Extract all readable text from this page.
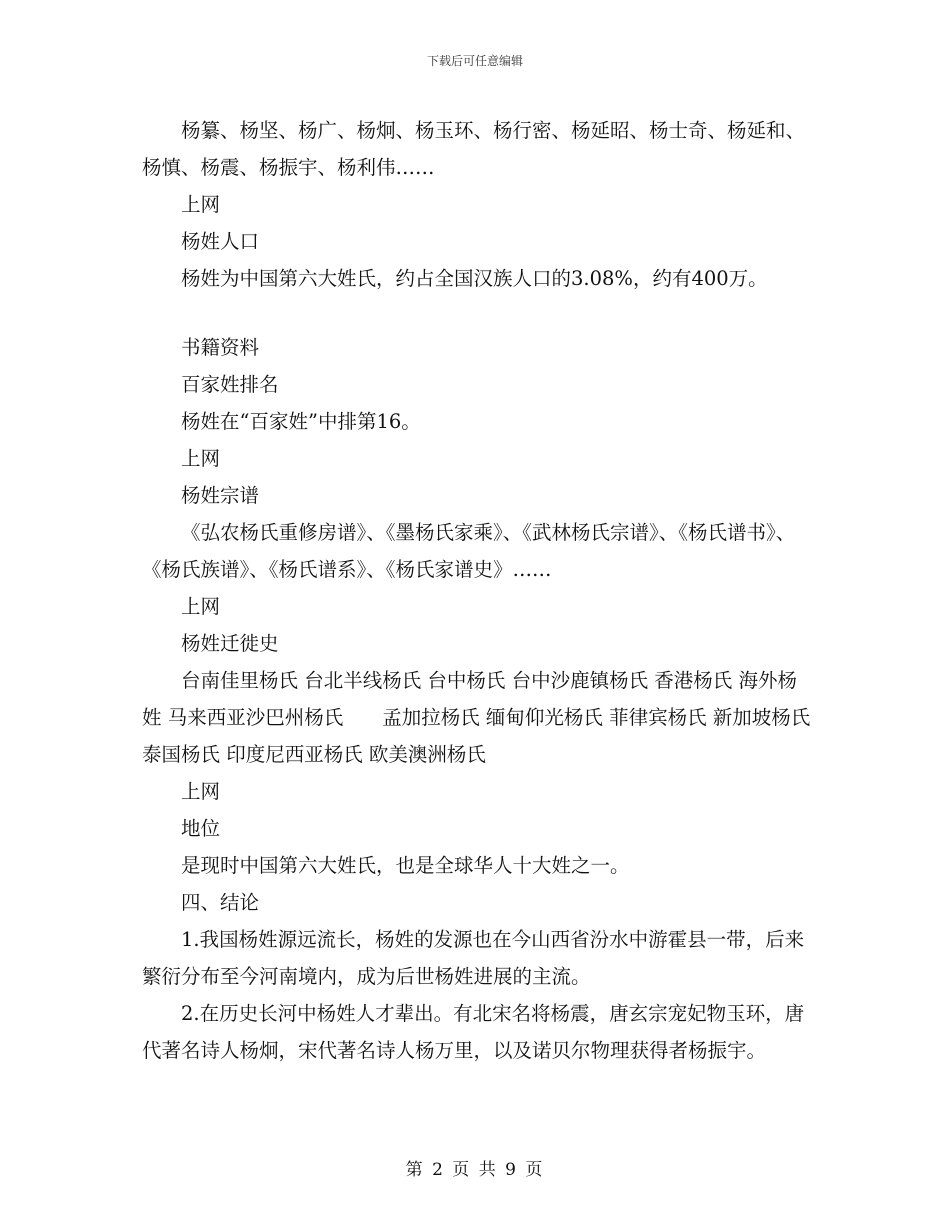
下载后可任意编辑

杨纂、杨坚、杨广、杨炯、杨玉环、杨行密、杨延昭、杨士奇、杨延和、杨慎、杨震、杨振宇、杨利伟……

上网

杨姓人口

杨姓为中国第六大姓氏，约占全国汉族人口的3.08%，约有400万。

书籍资料

百家姓排名

杨姓在“百家姓”中排第16。

上网

杨姓宗谱

《弘农杨氏重修房谱》、《墨杨氏家乘》、《武林杨氏宗谱》、《杨氏谱书》、《杨氏族谱》、《杨氏谱系》、《杨氏家谱史》……

上网

杨姓迁徙史

台南佳里杨氏 台北半线杨氏 台中杨氏 台中沙鹿镇杨氏 香港杨氏 海外杨姓 马来西亚沙巴州杨氏　　孟加拉杨氏 缅甸仰光杨氏 菲律宾杨氏 新加坡杨氏 泰国杨氏 印度尼西亚杨氏 欧美澳洲杨氏

上网

地位

是现时中国第六大姓氏，也是全球华人十大姓之一。

四、结论

1.我国杨姓源远流长，杨姓的发源也在今山西省汾水中游霍县一带，后来繁衍分布至今河南境内，成为后世杨姓进展的主流。

2.在历史长河中杨姓人才辈出。有北宋名将杨震，唐玄宗宠妃物玉环，唐代著名诗人杨炯，宋代著名诗人杨万里，以及诺贝尔物理获得者杨振宇。

第 2 页 共 9 页
